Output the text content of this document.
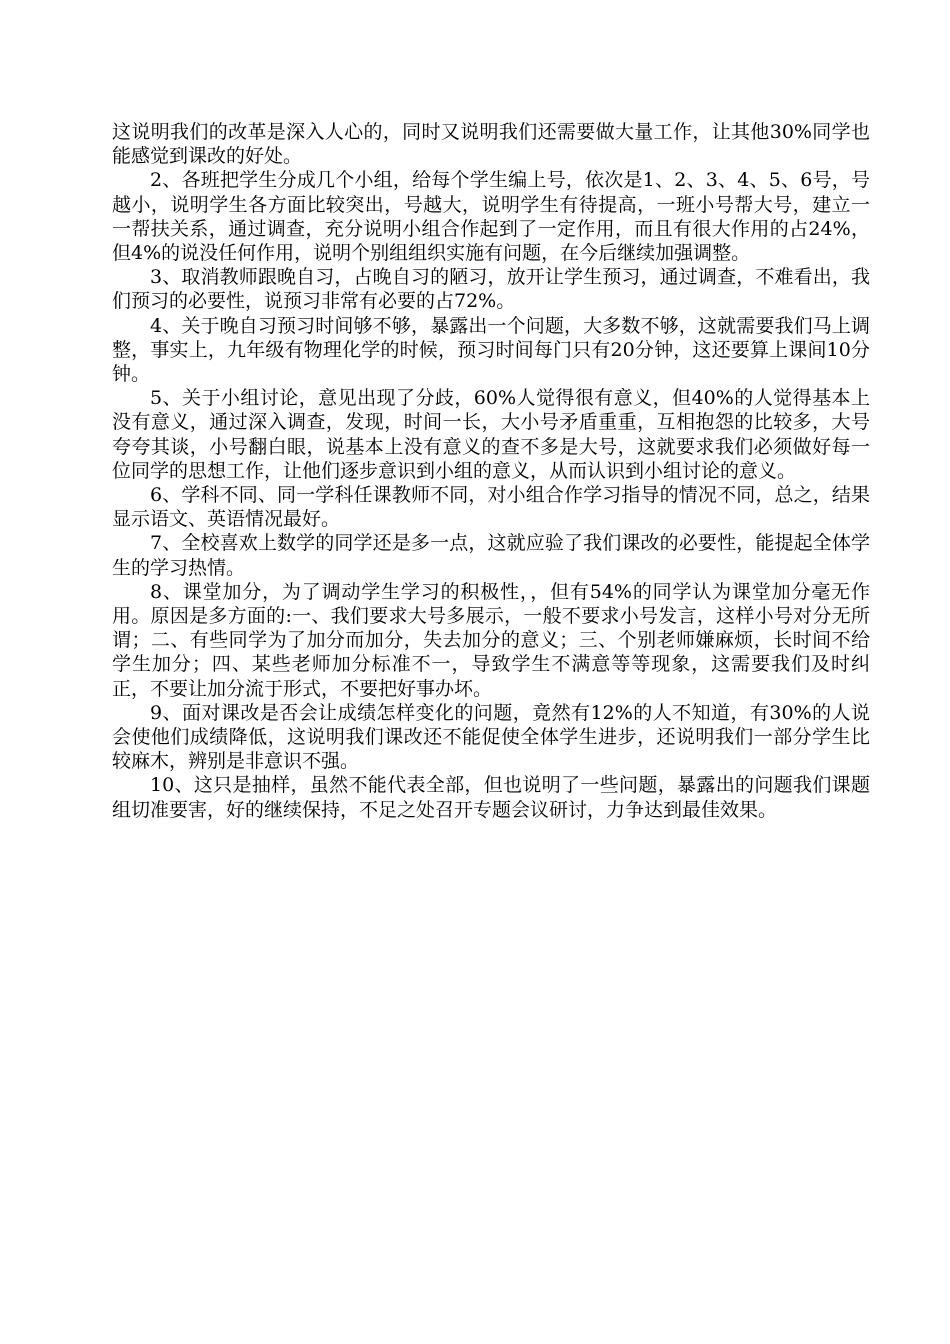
这说明我们的改革是深入人心的，同时又说明我们还需要做大量工作，让其他30%同学也能感觉到课改的好处。

2、各班把学生分成几个小组，给每个学生编上号，依次是1、2、3、4、5、6号，号越小，说明学生各方面比较突出，号越大，说明学生有待提高，一班小号帮大号，建立一一帮扶关系，通过调查，充分说明小组合作起到了一定作用，而且有很大作用的占24%，但4%的说没任何作用，说明个别组组织实施有问题，在今后继续加强调整。

3、取消教师跟晚自习，占晚自习的陋习，放开让学生预习，通过调查，不难看出，我们预习的必要性，说预习非常有必要的占72%。

4、关于晚自习预习时间够不够，暴露出一个问题，大多数不够，这就需要我们马上调整，事实上，九年级有物理化学的时候，预习时间每门只有20分钟，这还要算上课间10分钟。

5、关于小组讨论，意见出现了分歧，60%人觉得很有意义，但40%的人觉得基本上没有意义，通过深入调查，发现，时间一长，大小号矛盾重重，互相抱怨的比较多，大号夸夸其谈，小号翻白眼，说基本上没有意义的查不多是大号，这就要求我们必须做好每一位同学的思想工作，让他们逐步意识到小组的意义，从而认识到小组讨论的意义。

6、学科不同、同一学科任课教师不同，对小组合作学习指导的情况不同，总之，结果显示语文、英语情况最好。

7、全校喜欢上数学的同学还是多一点，这就应验了我们课改的必要性，能提起全体学生的学习热情。

8、课堂加分，为了调动学生学习的积极性，，但有54%的同学认为课堂加分毫无作用。原因是多方面的:一、我们要求大号多展示，一般不要求小号发言，这样小号对分无所谓；二、有些同学为了加分而加分，失去加分的意义；三、个别老师嫌麻烦，长时间不给学生加分；四、某些老师加分标准不一，导致学生不满意等等现象，这需要我们及时纠正，不要让加分流于形式，不要把好事办坏。

9、面对课改是否会让成绩怎样变化的问题，竟然有12%的人不知道，有30%的人说会使他们成绩降低，这说明我们课改还不能促使全体学生进步，还说明我们一部分学生比较麻木，辨别是非意识不强。

10、这只是抽样，虽然不能代表全部，但也说明了一些问题，暴露出的问题我们课题组切准要害，好的继续保持，不足之处召开专题会议研讨，力争达到最佳效果。
